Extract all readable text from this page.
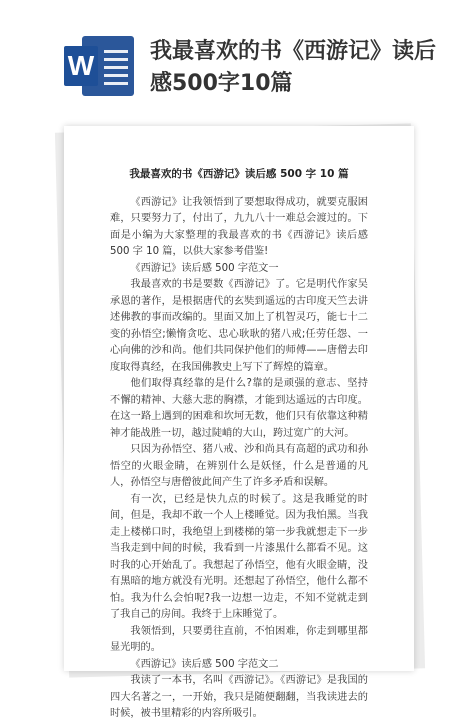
W	我最喜欢的书《西游记》读后感500字10篇
我最喜欢的书《西游记》读后感 500 字 10 篇

《西游记》让我领悟到了要想取得成功，就要克服困难，只要努力了，付出了，九九八十一难总会渡过的。下面是小编为大家整理的我最喜欢的书《西游记》读后感 500 字 10 篇，以供大家参考借鉴!

《西游记》读后感 500 字范文一

我最喜欢的书是要数《西游记》了。它是明代作家吴承恩的著作，是根据唐代的玄奘到遥远的古印度天竺去讲述佛教的事而改编的。里面又加上了机智灵巧，能七十二变的孙悟空;懒惰贪吃、忠心耿耿的猪八戒;任劳任怨、一心向佛的沙和尚。他们共同保护他们的师傅——唐僧去印度取得真经，在我国佛教史上写下了辉煌的篇章。

他们取得真经靠的是什么?靠的是顽强的意志、坚持不懈的精神、大慈大悲的胸襟，才能到达遥远的古印度。在这一路上遇到的困难和坎坷无数，他们只有依靠这种精神才能战胜一切，越过陡峭的大山，跨过宽广的大河。

只因为孙悟空、猪八戒、沙和尚具有高超的武功和孙悟空的火眼金睛，在辨别什么是妖怪，什么是普通的凡人，孙悟空与唐僧彼此间产生了许多矛盾和误解。

有一次，已经是快九点的时候了。这是我睡觉的时间，但是，我却不敢一个人上楼睡觉。因为我怕黑。当我走上楼梯口时，我绝望上到楼梯的第一步我就想走下一步当我走到中间的时候，我看到一片漆黑什么都看不见。这时我的心开始乱了。我想起了孙悟空，他有火眼金睛，没有黑暗的地方就没有光明。还想起了孙悟空，他什么都不怕。我为什么会怕呢?我一边想一边走，不知不觉就走到了我自己的房间。我终于上床睡觉了。

我领悟到，只要勇往直前，不怕困难，你走到哪里都显光明的。

《西游记》读后感 500 字范文二

我读了一本书，名叫《西游记》。《西游记》是我国的四大名著之一，一开始，我只是随便翻翻，当我读进去的时候，被书里精彩的内容所吸引。
